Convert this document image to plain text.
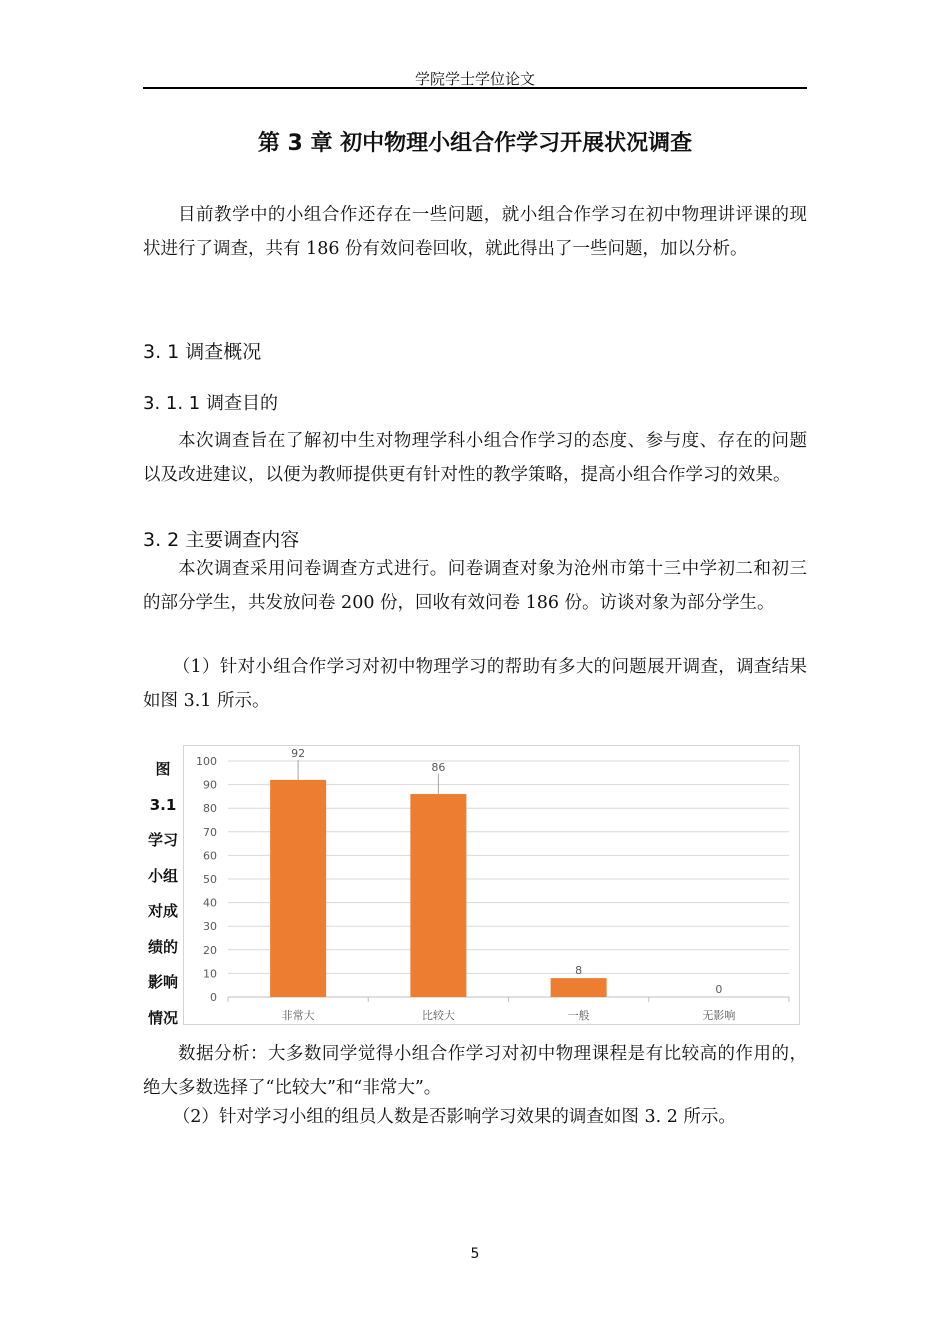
学院学士学位论文
第 3 章 初中物理小组合作学习开展状况调查

目前教学中的小组合作还存在一些问题，就小组合作学习在初中物理讲评课的现状进行了调查，共有 186 份有效问卷回收，就此得出了一些问题，加以分析。

3. 1 调查概况
3. 1. 1 调查目的

本次调查旨在了解初中生对物理学科小组合作学习的态度、参与度、存在的问题以及改进建议，以便为教师提供更有针对性的教学策略，提高小组合作学习的效果。

3. 2 主要调查内容

本次调查采用问卷调查方式进行。问卷调查对象为沧州市第十三中学初二和初三的部分学生，共发放问卷 200 份，回收有效问卷 186 份。访谈对象为部分学生。

（1）针对小组合作学习对初中物理学习的帮助有多大的问题展开调查，调查结果如图 3.1 所示。

图
3.1
学习
小组
对成
绩的
影响
情况
0
10
20
30
40
50
60
70
80
90
100
92
非常大
86
比较大
8
一般
0
无影响

数据分析：大多数同学觉得小组合作学习对初中物理课程是有比较高的作用的，绝大多数选择了“比较大”和“非常大”。

（2）针对学习小组的组员人数是否影响学习效果的调查如图 3. 2 所示。

5
